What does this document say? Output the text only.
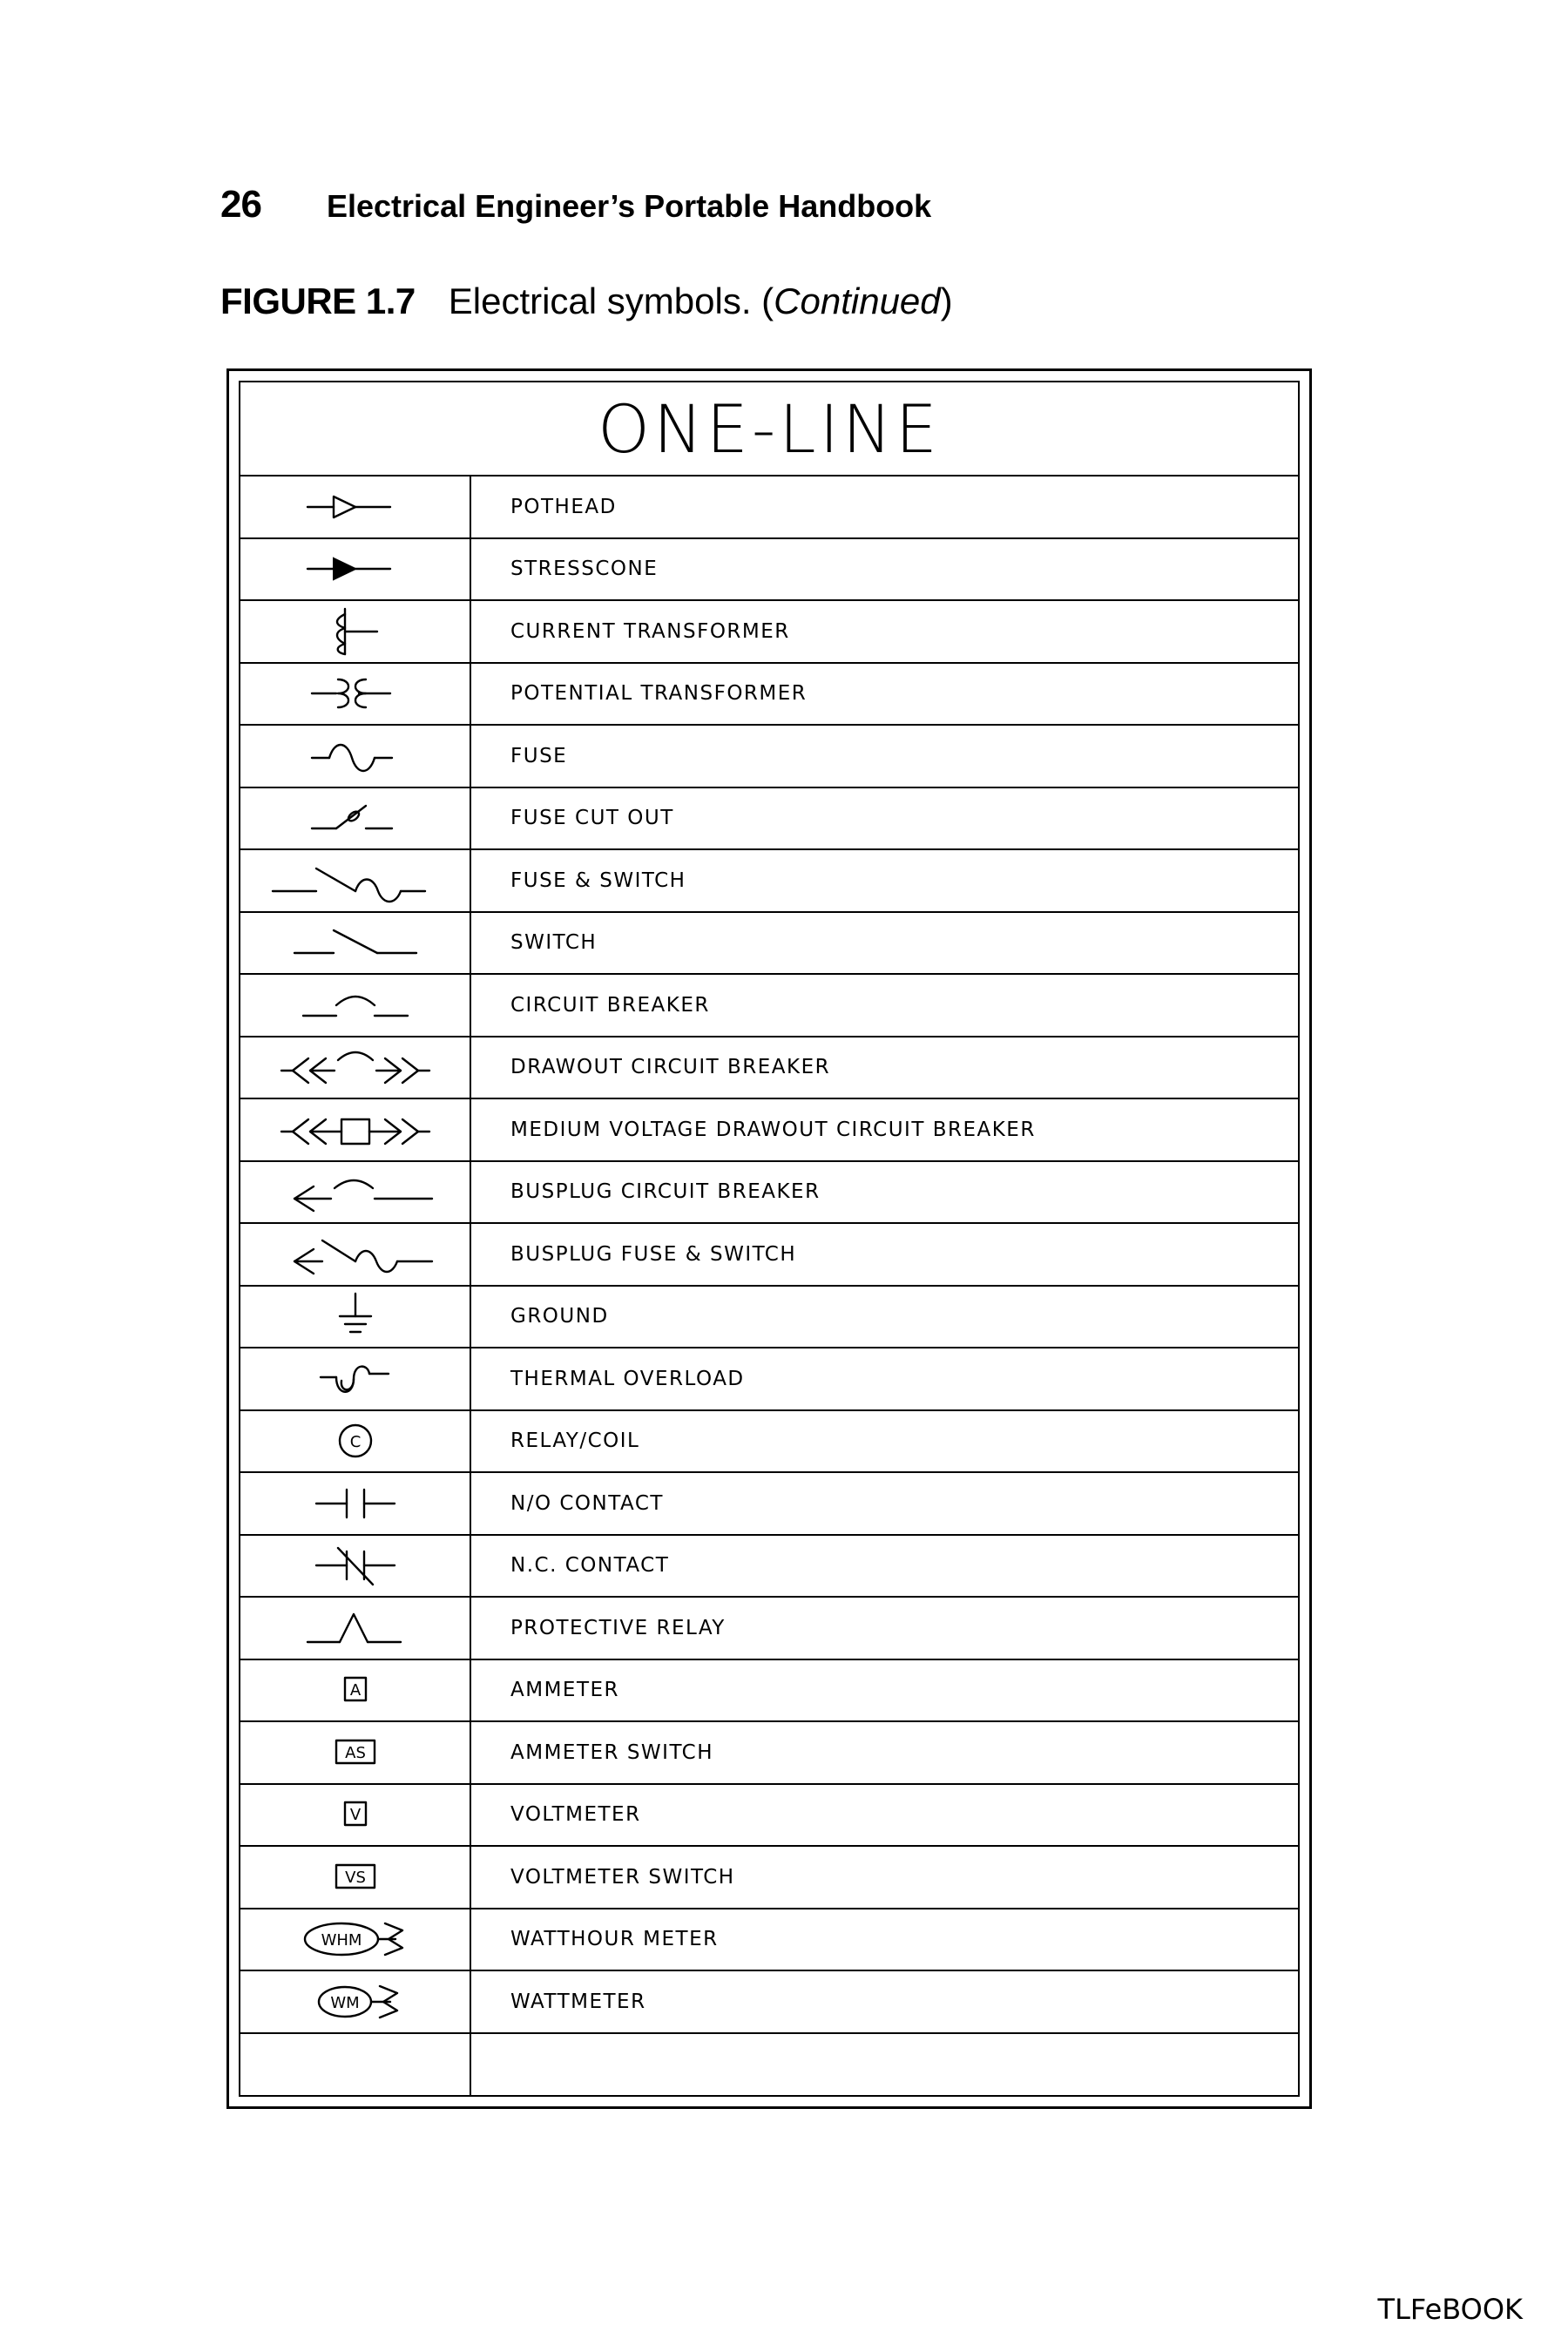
26	Electrical Engineer’s Portable Handbook
FIGURE 1.7 Electrical symbols. (Continued)
ONE-LINE
POTHEAD
STRESSCONE
CURRENT TRANSFORMER
POTENTIAL TRANSFORMER
FUSE
FUSE CUT OUT
FUSE & SWITCH
SWITCH
CIRCUIT BREAKER
DRAWOUT CIRCUIT BREAKER
MEDIUM VOLTAGE DRAWOUT CIRCUIT BREAKER
BUSPLUG CIRCUIT BREAKER
BUSPLUG FUSE & SWITCH
GROUND
THERMAL OVERLOAD
C	RELAY/COIL
N/O CONTACT
N.C. CONTACT
PROTECTIVE RELAY
A	AMMETER
AS	AMMETER SWITCH
V	VOLTMETER
VS	VOLTMETER SWITCH
WHM	WATTHOUR METER
WM	WATTMETER
TLFeBOOK
